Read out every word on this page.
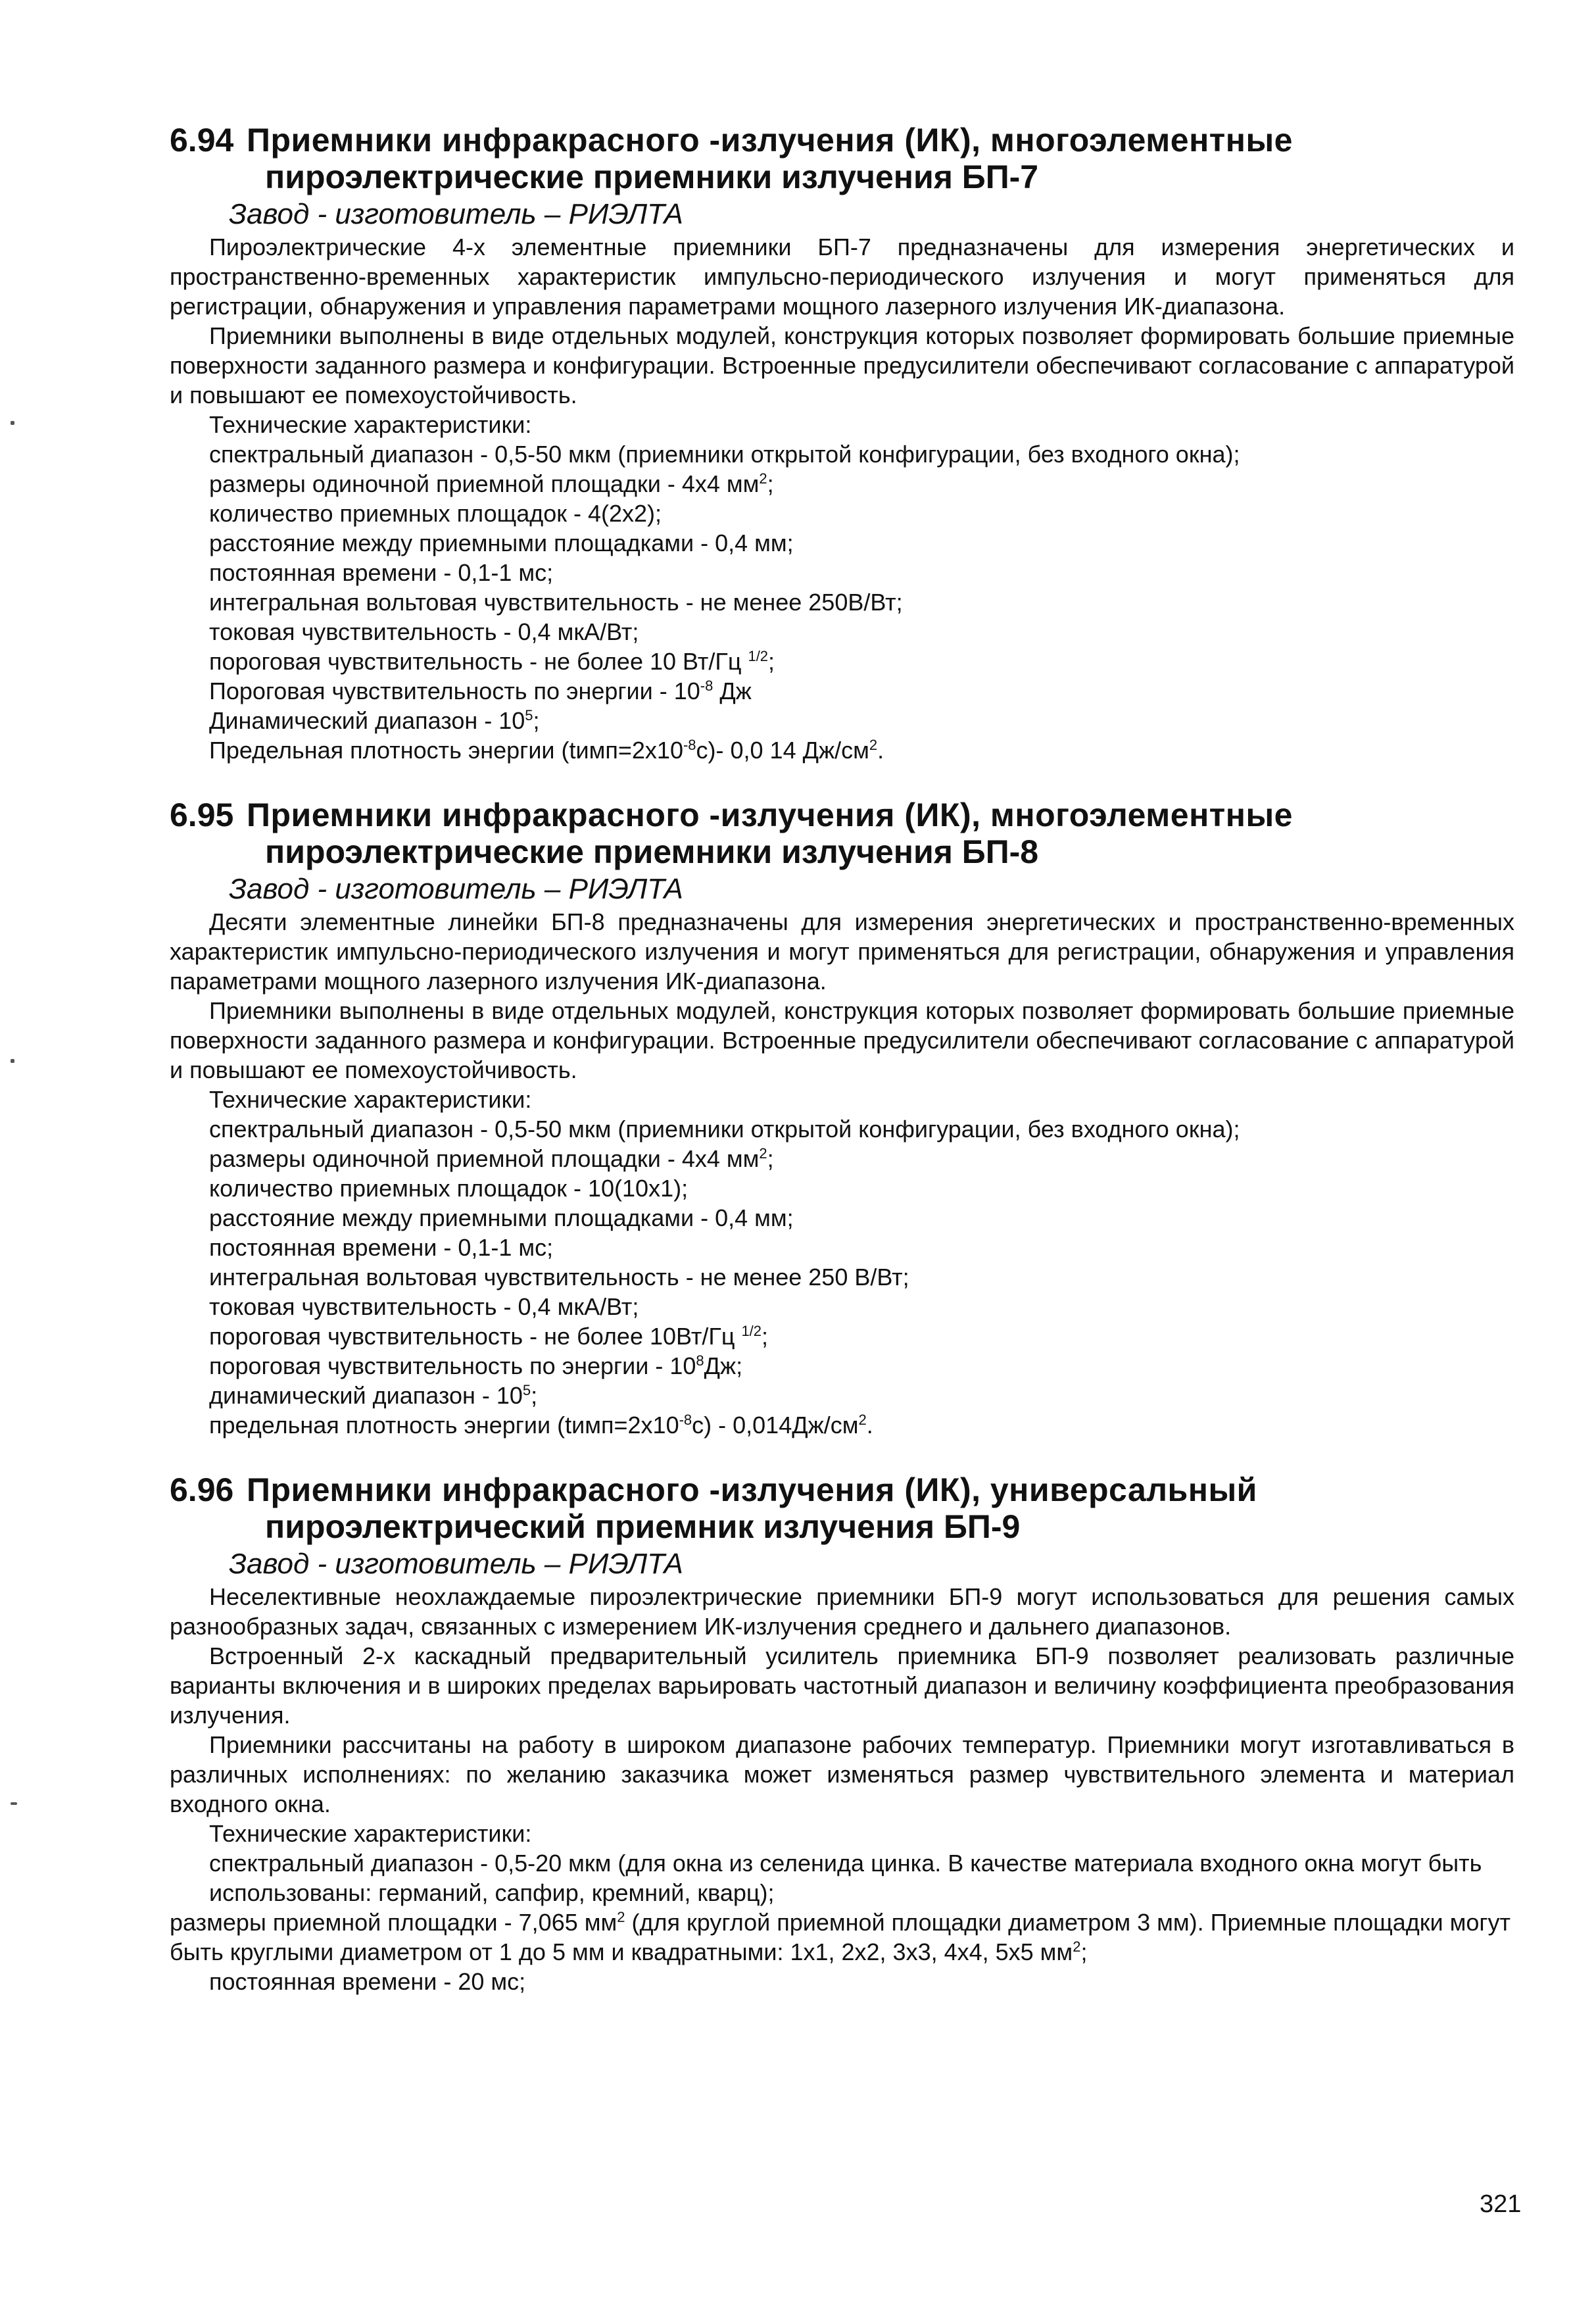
6.94 Приемники инфракрасного -излучения (ИК), многоэлементные
пироэлектрические приемники излучения БП-7
Завод - изготовитель – РИЭЛТА

Пироэлектрические 4-х элементные приемники БП-7 предназначены для измерения энергетических и пространственно-временных характеристик импульсно-периодического излучения и могут применяться для регистрации, обнаружения и управления параметрами мощного лазерного излучения ИК-диапазона.

Приемники выполнены в виде отдельных модулей, конструкция которых позволяет формировать большие приемные поверхности заданного размера и конфигурации. Встроенные предусилители обеспечивают согласование с аппаратурой и повышают ее помехоустойчивость.

Технические характеристики:
спектральный диапазон - 0,5-50 мкм (приемники открытой конфигурации, без входного окна);
размеры одиночной приемной площадки - 4х4 $мм^2$;
количество приемных площадок - 4(2х2);
расстояние между приемными площадками - 0,4 мм;
постоянная времени - 0,1-1 мс;
интегральная вольтовая чувствительность - не менее 250В/Вт;
токовая чувствительность - 0,4 мкА/Вт;
пороговая чувствительность - не более 10 Вт/Гц $^{1/2}$;
Пороговая чувствительность по энергии - $10^{-8}$ Дж
Динамический диапазон - $10^5$;
Предельная плотность энергии $(tимп=2х10^{-8}с)-$ 0,0 14 $Дж/см^2$.
6.95 Приемники инфракрасного -излучения (ИК), многоэлементные
пироэлектрические приемники излучения БП-8
Завод - изготовитель – РИЭЛТА

Десяти элементные линейки БП-8 предназначены для измерения энергетических и пространственно-временных характеристик импульсно-периодического излучения и могут применяться для регистрации, обнаружения и управления параметрами мощного лазерного излучения ИК-диапазона.

Приемники выполнены в виде отдельных модулей, конструкция которых позволяет формировать большие приемные поверхности заданного размера и конфигурации. Встроенные предусилители обеспечивают согласование с аппаратурой и повышают ее помехоустойчивость.

Технические характеристики:
спектральный диапазон - 0,5-50 мкм (приемники открытой конфигурации, без входного окна);
размеры одиночной приемной площадки - 4х4 $мм^2$;
количество приемных площадок - 10(10х1);
расстояние между приемными площадками - 0,4 мм;
постоянная времени - 0,1-1 мс;
интегральная вольтовая чувствительность - не менее 250 В/Вт;
токовая чувствительность - 0,4 мкА/Вт;
пороговая чувствительность - не более 10Вт/Гц $^{1/2}$;
пороговая чувствительность по энергии - $10^8Дж$;
динамический диапазон - $10^5$;
предельная плотность энергии $(tимп=2х10^{-8}с) - 0,014Дж/см^2$.
6.96 Приемники инфракрасного -излучения (ИК), универсальный
пироэлектрический приемник излучения БП-9
Завод - изготовитель – РИЭЛТА

Неселективные неохлаждаемые пироэлектрические приемники БП-9 могут использоваться для решения самых разнообразных задач, связанных с измерением ИК-излучения среднего и дальнего диапазонов.

Встроенный 2-х каскадный предварительный усилитель приемника БП-9 позволяет реализовать различные варианты включения и в широких пределах варьировать частотный диапазон и величину коэффициента преобразования излучения.

Приемники рассчитаны на работу в широком диапазоне рабочих температур. Приемники могут изготавливаться в различных исполнениях: по желанию заказчика может изменяться размер чувствительного элемента и материал входного окна.

Технические характеристики:
спектральный диапазон - 0,5-20 мкм (для окна из селенида цинка. В качестве материала входного окна могут быть использованы: германий, сапфир, кремний, кварц);
размеры приемной площадки - 7,065 $мм^2$ (для круглой приемной площадки диаметром 3 мм). Приемные площадки могут быть круглыми диаметром от 1 до 5 мм и квадратными: 1х1, 2х2, 3х3, 4х4, 5х5 $мм^2$;
постоянная времени - 20 мс;
321
